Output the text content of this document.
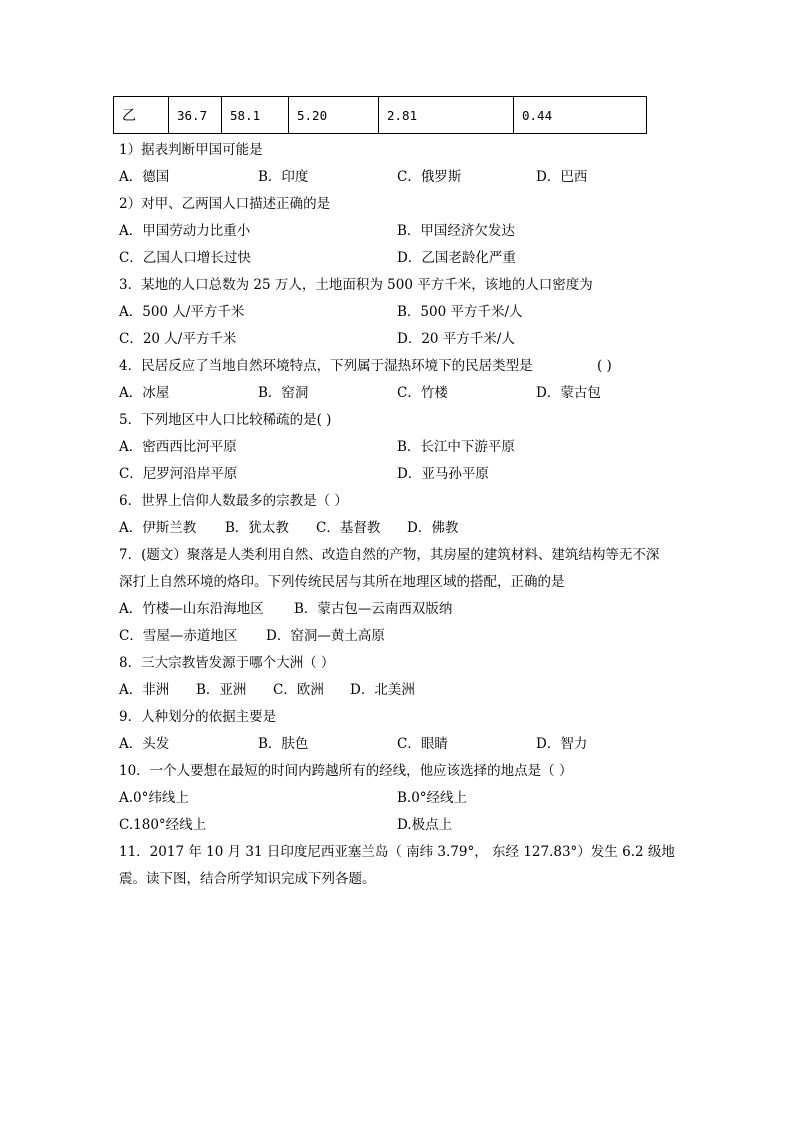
乙	36.7	58.1	5.20	2.81	0.44
1）据表判断甲国可能是
A．德国	B．印度	C．俄罗斯	D．巴西
2）对甲、乙两国人口描述正确的是
A．甲国劳动力比重小	B．甲国经济欠发达
C．乙国人口增长过快	D．乙国老龄化严重
3．某地的人口总数为 25 万人，土地面积为 500 平方千米，该地的人口密度为
A．500 人/平方千米	B．500 平方千米/人
C．20 人/平方千米	D．20 平方千米/人
4．民居反应了当地自然环境特点，下列属于湿热环境下的民居类型是	( )
A．冰屋	B．窑洞	C．竹楼	D．蒙古包
5．下列地区中人口比较稀疏的是( )
A．密西西比河平原	B．长江中下游平原
C．尼罗河沿岸平原	D．亚马孙平原
6．世界上信仰人数最多的宗教是（ ）
A．伊斯兰教 B．犹太教 C．基督教 D．佛教
7．(题文）聚落是人类利用自然、改造自然的产物，其房屋的建筑材料、建筑结构等无不深
深打上自然环境的烙印。下列传统民居与其所在地理区域的搭配，正确的是
A．竹楼—山东沿海地区 B．蒙古包—云南西双版纳
C．雪屋—赤道地区 D．窑洞—黄土高原
8．三大宗教皆发源于哪个大洲（ ）
A．非洲 B．亚洲 C．欧洲 D．北美洲
9．人种划分的依据主要是
A．头发	B．肤色	C．眼睛	D．智力
10．一个人要想在最短的时间内跨越所有的经线，他应该选择的地点是（ ）
A.0°纬线上	B.0°经线上
C.180°经线上	D.极点上
11．2017 年 10 月 31 日印度尼西亚塞兰岛（ 南纬 3.79°， 东经 127.83°）发生 6.2 级地
震。读下图，结合所学知识完成下列各题。
